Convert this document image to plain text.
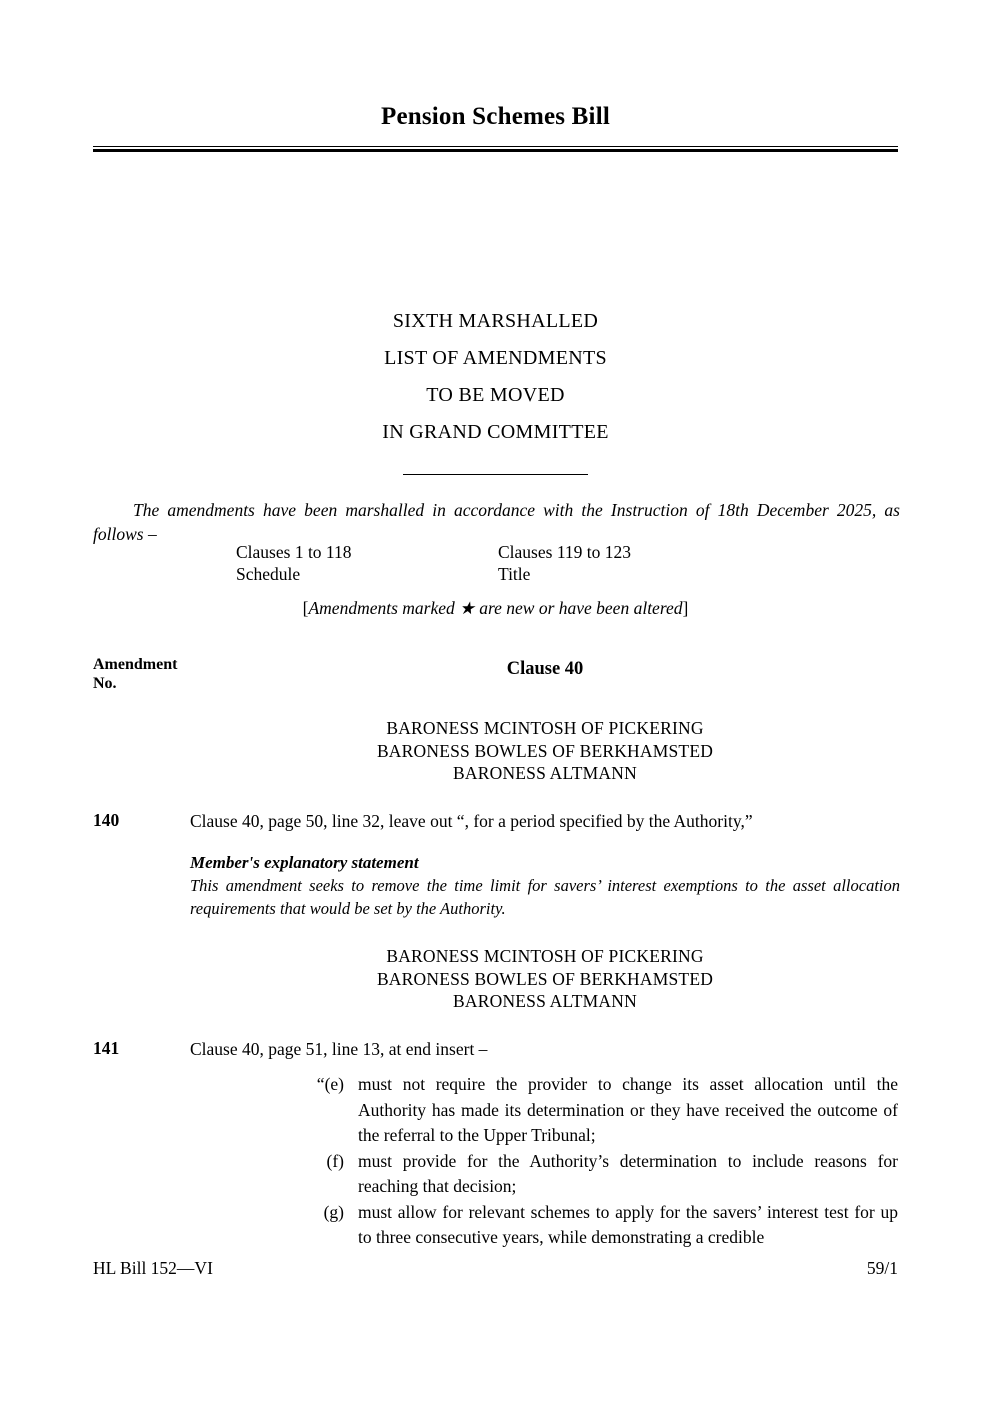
Pension Schemes Bill
SIXTH MARSHALLED
LIST OF AMENDMENTS
TO BE MOVED
IN GRAND COMMITTEE
The amendments have been marshalled in accordance with the Instruction of 18th December 2025, as follows –
Clauses 1 to 118	Clauses 119 to 123
Schedule	Title
[Amendments marked ★ are new or have been altered]
Amendment
No.
Clause 40
BARONESS MCINTOSH OF PICKERING
BARONESS BOWLES OF BERKHAMSTED
BARONESS ALTMANN
140	Clause 40, page 50, line 32, leave out “, for a period specified by the Authority,”
Member's explanatory statement
This amendment seeks to remove the time limit for savers’ interest exemptions to the asset allocation requirements that would be set by the Authority.
BARONESS MCINTOSH OF PICKERING
BARONESS BOWLES OF BERKHAMSTED
BARONESS ALTMANN
141	Clause 40, page 51, line 13, at end insert –
“(e) must not require the provider to change its asset allocation until the Authority has made its determination or they have received the outcome of the referral to the Upper Tribunal;
(f) must provide for the Authority’s determination to include reasons for reaching that decision;
(g) must allow for relevant schemes to apply for the savers’ interest test for up to three consecutive years, while demonstrating a credible
HL Bill 152—VI	59/1
